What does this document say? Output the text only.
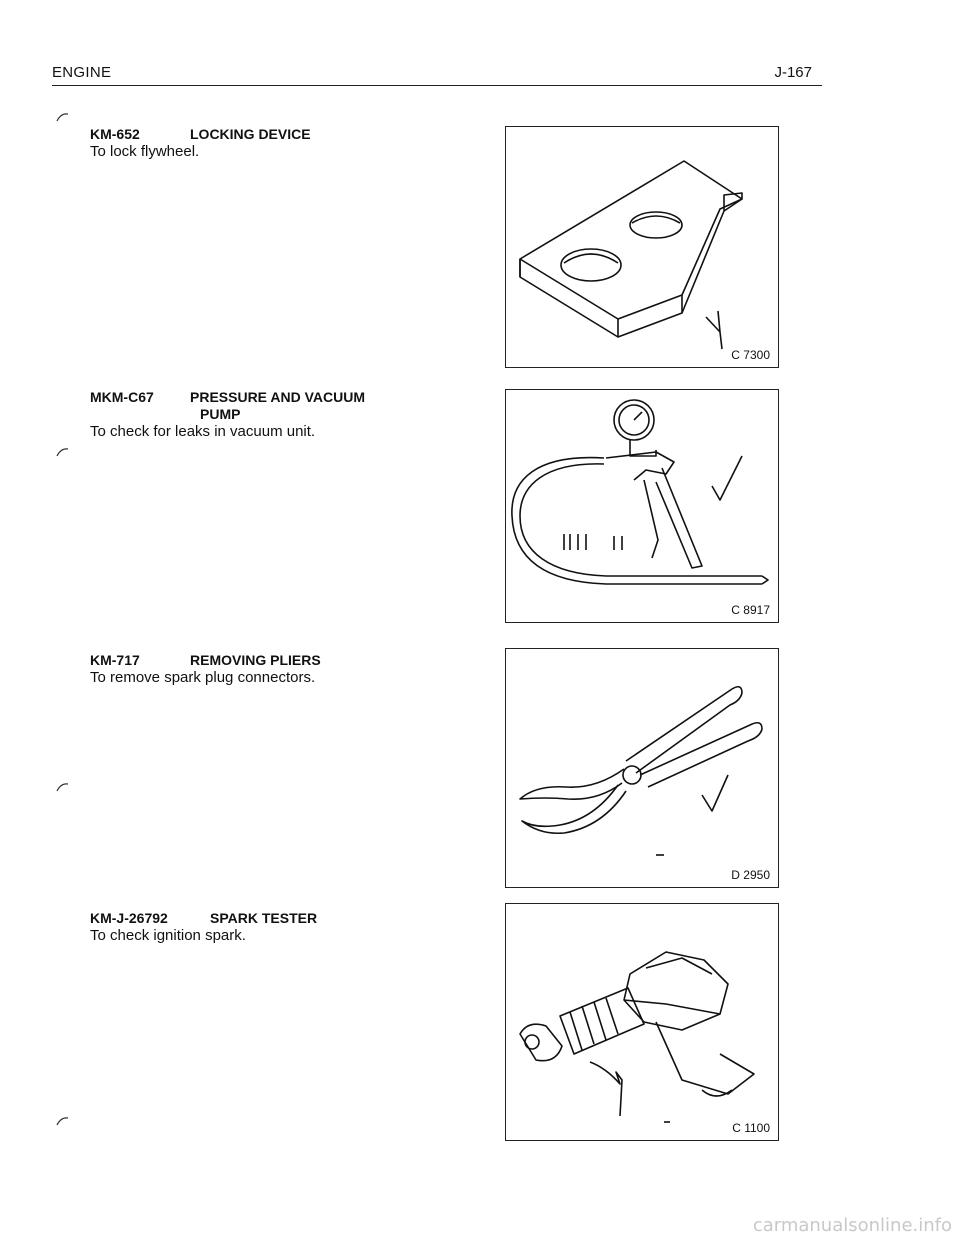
ENGINE	J-167
KM-652	LOCKING DEVICE
To lock flywheel.
C 7300
MKM-C67	PRESSURE AND VACUUM
PUMP
To check for leaks in vacuum unit.
C 8917
KM-717	REMOVING PLIERS
To remove spark plug connectors.
D 2950
KM-J-26792	SPARK TESTER
To check ignition spark.
C 1100
carmanualsonline.info
